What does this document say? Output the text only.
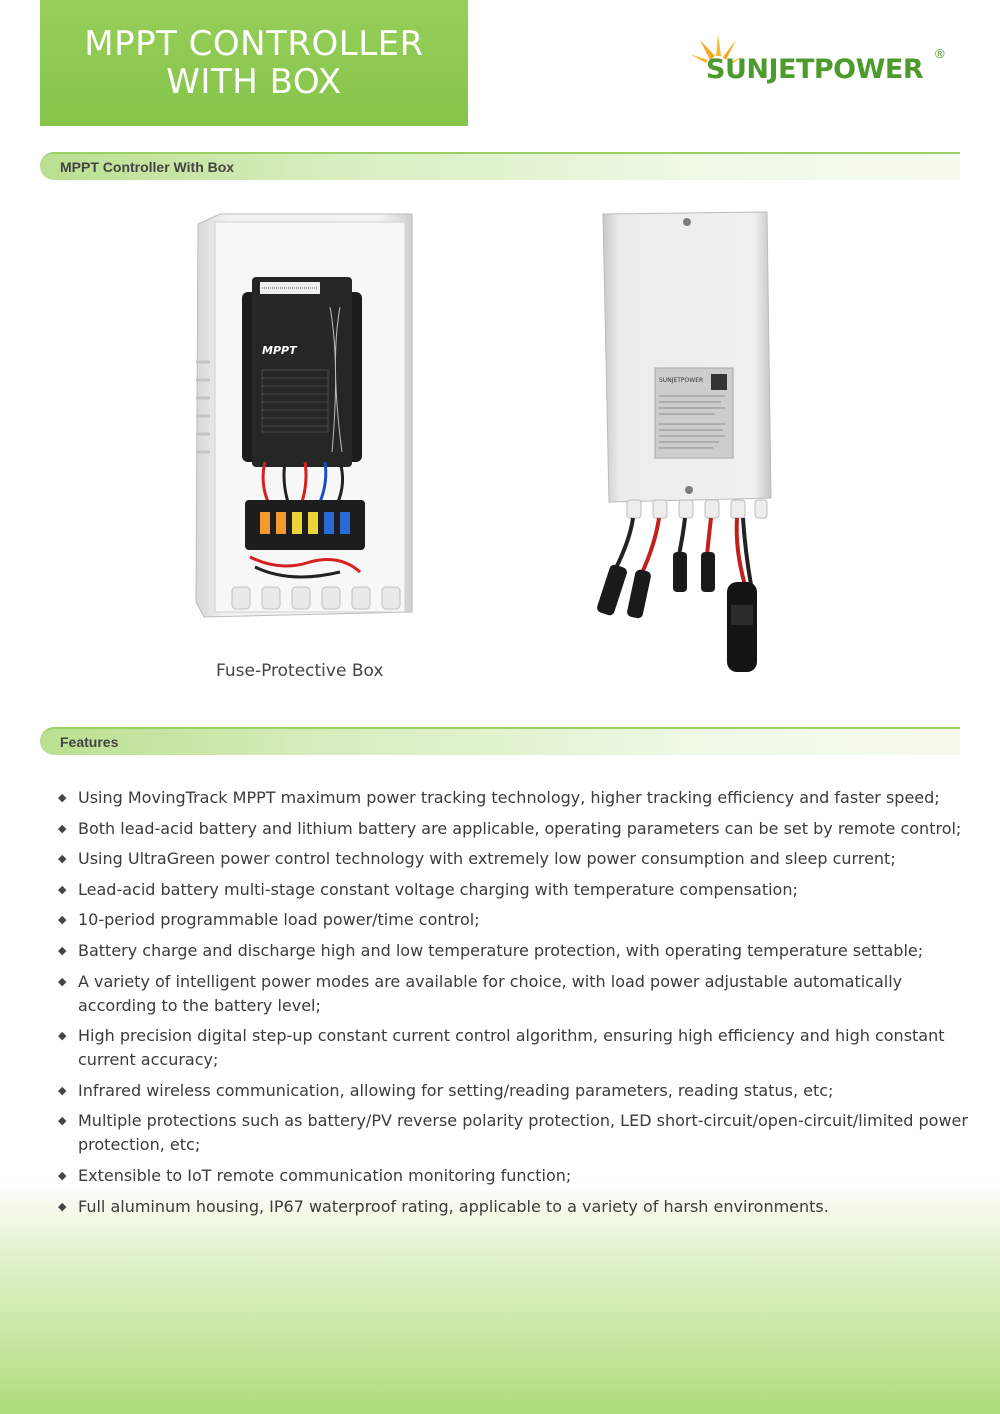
MPPT CONTROLLER
WITH BOX	SUNJETPOWER
®
MPPT Controller With Box
MPPT
Fuse-Protective Box
SUNJETPOWER
Features
◆ Using MovingTrack MPPT maximum power tracking technology, higher tracking efficiency and faster speed;
◆ Both lead-acid battery and lithium battery are applicable, operating parameters can be set by remote control;
◆ Using UltraGreen power control technology with extremely low power consumption and sleep current;
◆ Lead-acid battery multi-stage constant voltage charging with temperature compensation;
◆ 10-period programmable load power/time control;
◆ Battery charge and discharge high and low temperature protection, with operating temperature settable;
◆ A variety of intelligent power modes are available for choice, with load power adjustable automatically according to the battery level;
◆ High precision digital step-up constant current control algorithm, ensuring high efficiency and high constant current accuracy;
◆ Infrared wireless communication, allowing for setting/reading parameters, reading status, etc;
◆ Multiple protections such as battery/PV reverse polarity protection, LED short-circuit/open-circuit/limited power protection, etc;
◆ Extensible to IoT remote communication monitoring function;
◆ Full aluminum housing, IP67 waterproof rating, applicable to a variety of harsh environments.
